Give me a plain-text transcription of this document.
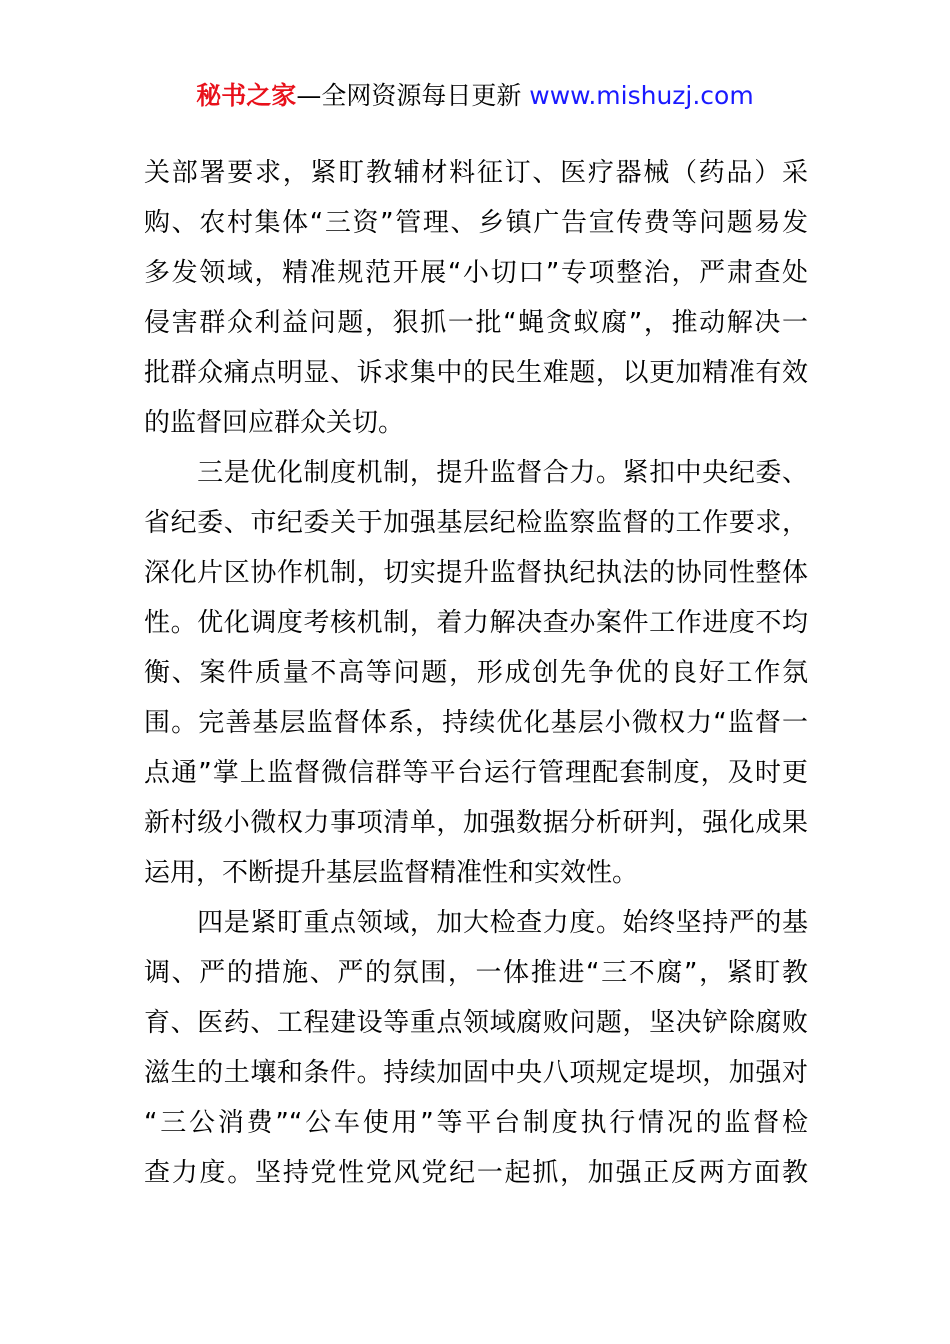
秘书之家—全网资源每日更新 www.mishuzj.com
关部署要求，紧盯教辅材料征订、医疗器械（药品）采
购、农村集体“三资”管理、乡镇广告宣传费等问题易发
多发领域，精准规范开展“小切口”专项整治，严肃查处
侵害群众利益问题，狠抓一批“蝇贪蚁腐”，推动解决一
批群众痛点明显、诉求集中的民生难题，以更加精准有效
的监督回应群众关切。
　　三是优化制度机制，提升监督合力。紧扣中央纪委、
省纪委、市纪委关于加强基层纪检监察监督的工作要求，
深化片区协作机制，切实提升监督执纪执法的协同性整体
性。优化调度考核机制，着力解决查办案件工作进度不均
衡、案件质量不高等问题，形成创先争优的良好工作氛
围。完善基层监督体系，持续优化基层小微权力“监督一
点通”掌上监督微信群等平台运行管理配套制度，及时更
新村级小微权力事项清单，加强数据分析研判，强化成果
运用，不断提升基层监督精准性和实效性。
　　四是紧盯重点领域，加大检查力度。始终坚持严的基
调、严的措施、严的氛围，一体推进“三不腐”，紧盯教
育、医药、工程建设等重点领域腐败问题，坚决铲除腐败
滋生的土壤和条件。持续加固中央八项规定堤坝，加强对
“三公消费”“公车使用”等平台制度执行情况的监督检
查力度。坚持党性党风党纪一起抓，加强正反两方面教
